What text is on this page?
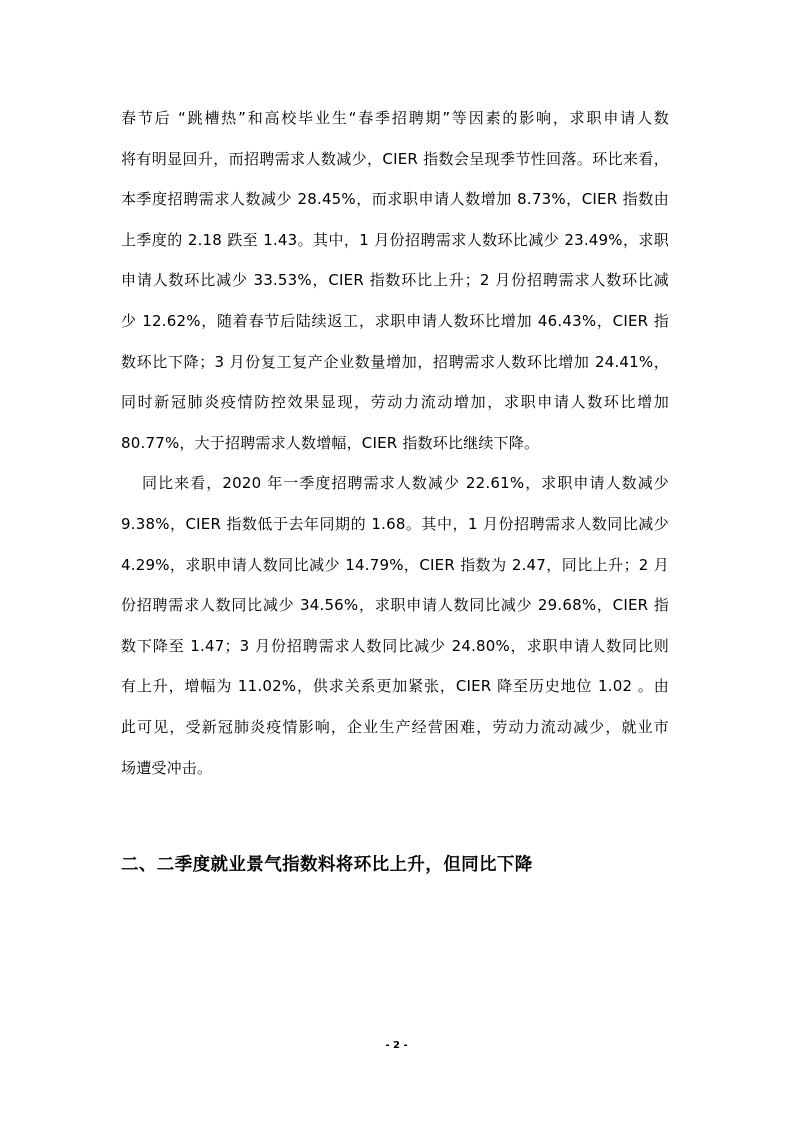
春节后 “跳槽热”和高校毕业生“春季招聘期”等因素的影响，求职申请人数
将有明显回升，而招聘需求人数减少，CIER 指数会呈现季节性回落。环比来看，
本季度招聘需求人数减少 28.45%，而求职申请人数增加 8.73%，CIER 指数由
上季度的 2.18 跌至 1.43。其中，1 月份招聘需求人数环比减少 23.49%，求职
申请人数环比减少 33.53%，CIER 指数环比上升；2 月份招聘需求人数环比减
少 12.62%，随着春节后陆续返工，求职申请人数环比增加 46.43%，CIER 指
数环比下降；3 月份复工复产企业数量增加，招聘需求人数环比增加 24.41%，
同时新冠肺炎疫情防控效果显现，劳动力流动增加，求职申请人数环比增加
80.77%，大于招聘需求人数增幅，CIER 指数环比继续下降。
同比来看，2020 年一季度招聘需求人数减少 22.61%，求职申请人数减少
9.38%，CIER 指数低于去年同期的 1.68。其中，1 月份招聘需求人数同比减少
4.29%，求职申请人数同比减少 14.79%，CIER 指数为 2.47，同比上升；2 月
份招聘需求人数同比减少 34.56%，求职申请人数同比减少 29.68%，CIER 指
数下降至 1.47；3 月份招聘需求人数同比减少 24.80%，求职申请人数同比则
有上升，增幅为 11.02%，供求关系更加紧张，CIER 降至历史地位 1.02 。由
此可见，受新冠肺炎疫情影响，企业生产经营困难，劳动力流动减少，就业市
场遭受冲击。
二、二季度就业景气指数料将环比上升，但同比下降
- 2 -
